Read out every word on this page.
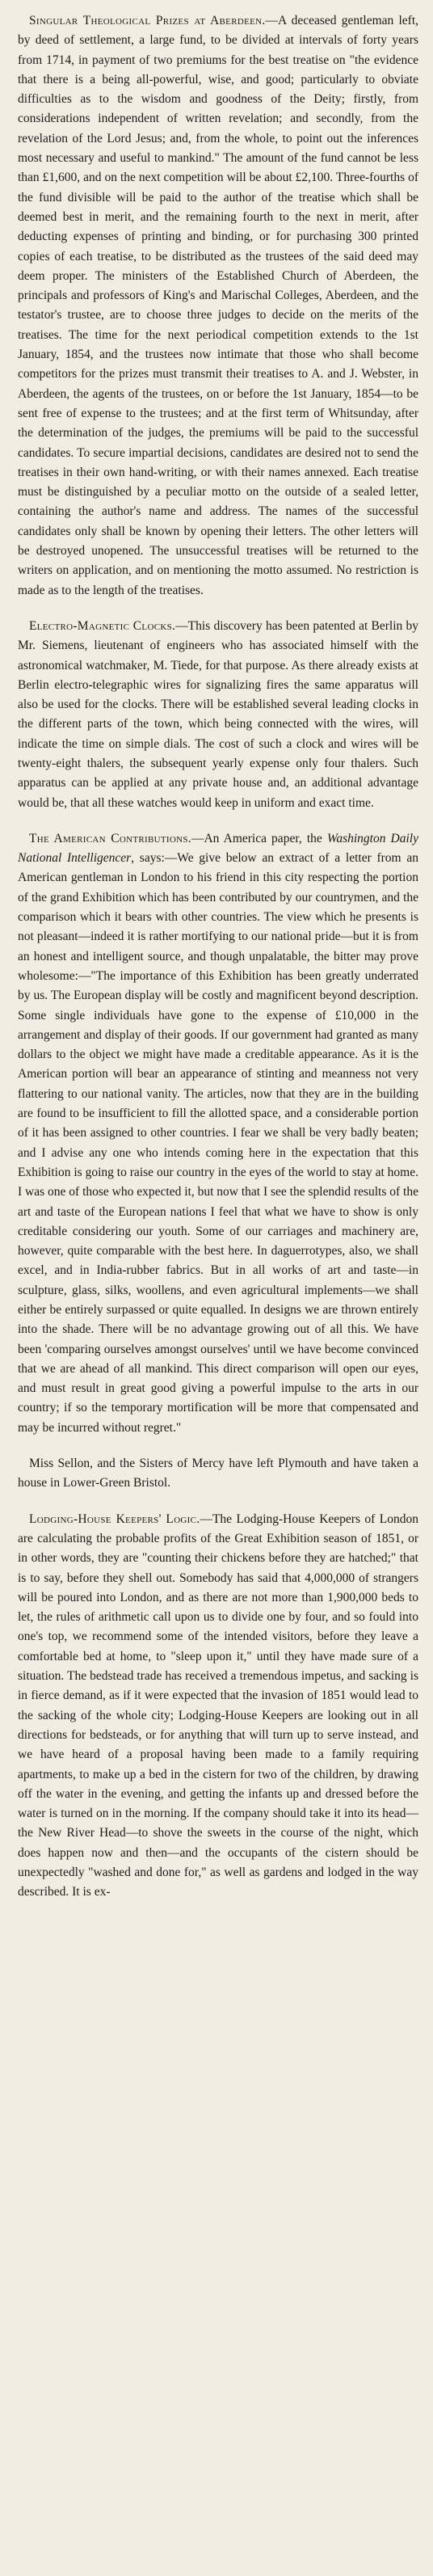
Singular Theological Prizes at Aberdeen.—A deceased gentleman left, by deed of settlement, a large fund, to be divided at intervals of forty years from 1714, in payment of two premiums for the best treatise on "the evidence that there is a being all-powerful, wise, and good; particularly to obviate difficulties as to the wisdom and goodness of the Deity; firstly, from considerations independent of written revelation; and secondly, from the revelation of the Lord Jesus; and, from the whole, to point out the inferences most necessary and useful to mankind." The amount of the fund cannot be less than £1,600, and on the next competition will be about £2,100. Three-fourths of the fund divisible will be paid to the author of the treatise which shall be deemed best in merit, and the remaining fourth to the next in merit, after deducting expenses of printing and binding, or for purchasing 300 printed copies of each treatise, to be distributed as the trustees of the said deed may deem proper. The ministers of the Established Church of Aberdeen, the principals and professors of King's and Marischal Colleges, Aberdeen, and the testator's trustee, are to choose three judges to decide on the merits of the treatises. The time for the next periodical competition extends to the 1st January, 1854, and the trustees now intimate that those who shall become competitors for the prizes must transmit their treatises to A. and J. Webster, in Aberdeen, the agents of the trustees, on or before the 1st January, 1854—to be sent free of expense to the trustees; and at the first term of Whitsunday, after the determination of the judges, the premiums will be paid to the successful candidates. To secure impartial decisions, candidates are desired not to send the treatises in their own hand-writing, or with their names annexed. Each treatise must be distinguished by a peculiar motto on the outside of a sealed letter, containing the author's name and address. The names of the successful candidates only shall be known by opening their letters. The other letters will be destroyed unopened. The unsuccessful treatises will be returned to the writers on application, and on mentioning the motto assumed. No restriction is made as to the length of the treatises.

Electro-Magnetic Clocks.—This discovery has been patented at Berlin by Mr. Siemens, lieutenant of engineers who has associated himself with the astronomical watchmaker, M. Tiede, for that purpose. As there already exists at Berlin electro-telegraphic wires for signalizing fires the same apparatus will also be used for the clocks. There will be established several leading clocks in the different parts of the town, which being connected with the wires, will indicate the time on simple dials. The cost of such a clock and wires will be twenty-eight thalers, the subsequent yearly expense only four thalers. Such apparatus can be applied at any private house and, an additional advantage would be, that all these watches would keep in uniform and exact time.

The American Contributions.—An America paper, the Washington Daily National Intelligencer, says:—We give below an extract of a letter from an American gentleman in London to his friend in this city respecting the portion of the grand Exhibition which has been contributed by our countrymen, and the comparison which it bears with other countries. The view which he presents is not pleasant—indeed it is rather mortifying to our national pride—but it is from an honest and intelligent source, and though unpalatable, the bitter may prove wholesome:—"The importance of this Exhibition has been greatly underrated by us. The European display will be costly and magnificent beyond description. Some single individuals have gone to the expense of £10,000 in the arrangement and display of their goods. If our government had granted as many dollars to the object we might have made a creditable appearance. As it is the American portion will bear an appearance of stinting and meanness not very flattering to our national vanity. The articles, now that they are in the building are found to be insufficient to fill the allotted space, and a considerable portion of it has been assigned to other countries. I fear we shall be very badly beaten; and I advise any one who intends coming here in the expectation that this Exhibition is going to raise our country in the eyes of the world to stay at home. I was one of those who expected it, but now that I see the splendid results of the art and taste of the European nations I feel that what we have to show is only creditable considering our youth. Some of our carriages and machinery are, however, quite comparable with the best here. In daguerrotypes, also, we shall excel, and in India-rubber fabrics. But in all works of art and taste—in sculpture, glass, silks, woollens, and even agricultural implements—we shall either be entirely surpassed or quite equalled. In designs we are thrown entirely into the shade. There will be no advantage growing out of all this. We have been 'comparing ourselves amongst ourselves' until we have become convinced that we are ahead of all mankind. This direct comparison will open our eyes, and must result in great good giving a powerful impulse to the arts in our country; if so the temporary mortification will be more that compensated and may be incurred without regret."

Miss Sellon, and the Sisters of Mercy have left Plymouth and have taken a house in Lower-Green Bristol.

Lodging-House Keepers' Logic.—The Lodging-House Keepers of London are calculating the probable profits of the Great Exhibition season of 1851, or in other words, they are "counting their chickens before they are hatched;" that is to say, before they shell out. Somebody has said that 4,000,000 of strangers will be poured into London, and as there are not more than 1,900,000 beds to let, the rules of arithmetic call upon us to divide one by four, and so fould into one's top, we recommend some of the intended visitors, before they leave a comfortable bed at home, to "sleep upon it," until they have made sure of a situation. The bedstead trade has received a tremendous impetus, and sacking is in fierce demand, as if it were expected that the invasion of 1851 would lead to the sacking of the whole city; Lodging-House Keepers are looking out in all directions for bedsteads, or for anything that will turn up to serve instead, and we have heard of a proposal having been made to a family requiring apartments, to make up a bed in the cistern for two of the children, by drawing off the water in the evening, and getting the infants up and dressed before the water is turned on in the morning. If the company should take it into its head—the New River Head—to shove the sweets in the course of the night, which does happen now and then—and the occupants of the cistern should be unexpectedly "washed and done for," as well as gardens and lodged in the way described. It is ex-
